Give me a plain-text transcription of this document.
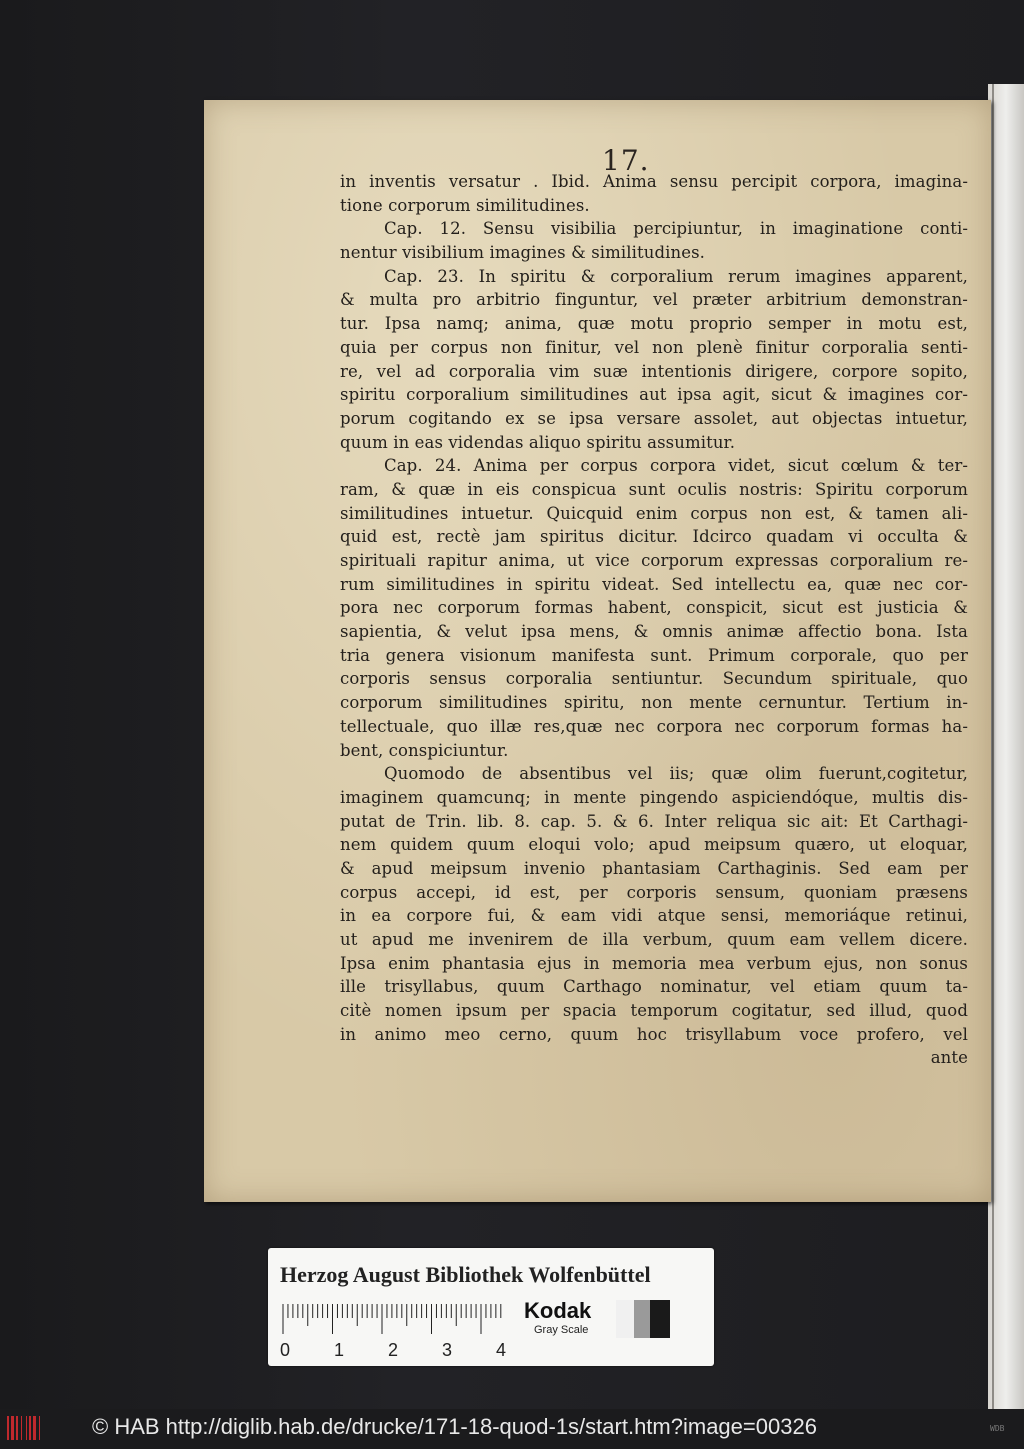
17.
in inventis versatur . Ibid. Anima sensu percipit corpora, imagina-
tione corporum similitudines.
Cap. 12. Sensu visibilia percipiuntur, in imaginatione conti-
nentur visibilium imagines & similitudines.
Cap. 23. In spiritu & corporalium rerum imagines apparent,
& multa pro arbitrio finguntur, vel præter arbitrium demonstran-
tur. Ipsa namq; anima, quæ motu proprio semper in motu est,
quia per corpus non finitur, vel non plenè finitur corporalia senti-
re, vel ad corporalia vim suæ intentionis dirigere, corpore sopito,
spiritu corporalium similitudines aut ipsa agit, sicut & imagines cor-
porum cogitando ex se ipsa versare assolet, aut objectas intuetur,
quum in eas videndas aliquo spiritu assumitur.
Cap. 24. Anima per corpus corpora videt, sicut cœlum & ter-
ram, & quæ in eis conspicua sunt oculis nostris: Spiritu corporum
similitudines intuetur. Quicquid enim corpus non est, & tamen ali-
quid est, rectè jam spiritus dicitur. Idcirco quadam vi occulta &
spirituali rapitur anima, ut vice corporum expressas corporalium re-
rum similitudines in spiritu videat. Sed intellectu ea, quæ nec cor-
pora nec corporum formas habent, conspicit, sicut est justicia &
sapientia, & velut ipsa mens, & omnis animæ affectio bona. Ista
tria genera visionum manifesta sunt. Primum corporale, quo per
corporis sensus corporalia sentiuntur. Secundum spirituale, quo
corporum similitudines spiritu, non mente cernuntur. Tertium in-
tellectuale, quo illæ res,quæ nec corpora nec corporum formas ha-
bent, conspiciuntur.
Quomodo de absentibus vel iis; quæ olim fuerunt,cogitetur,
imaginem quamcunq; in mente pingendo aspiciendóque, multis dis-
putat de Trin. lib. 8. cap. 5. & 6. Inter reliqua sic ait: Et Carthagi-
nem quidem quum eloqui volo; apud meipsum quæro, ut eloquar,
& apud meipsum invenio phantasiam Carthaginis. Sed eam per
corpus accepi, id est, per corporis sensum, quoniam præsens
in ea corpore fui, & eam vidi atque sensi, memoriáque retinui,
ut apud me invenirem de illa verbum, quum eam vellem dicere.
Ipsa enim phantasia ejus in memoria mea verbum ejus, non sonus
ille trisyllabus, quum Carthago nominatur, vel etiam quum ta-
citè nomen ipsum per spacia temporum cogitatur, sed illud, quod
in animo meo cerno, quum hoc trisyllabum voce profero, vel
ante
Herzog August Bibliothek Wolfenbüttel
0 1 2 3 4
Kodak
Gray Scale
© HAB http://diglib.hab.de/drucke/171-18-quod-1s/start.htm?image=00326	WDB
